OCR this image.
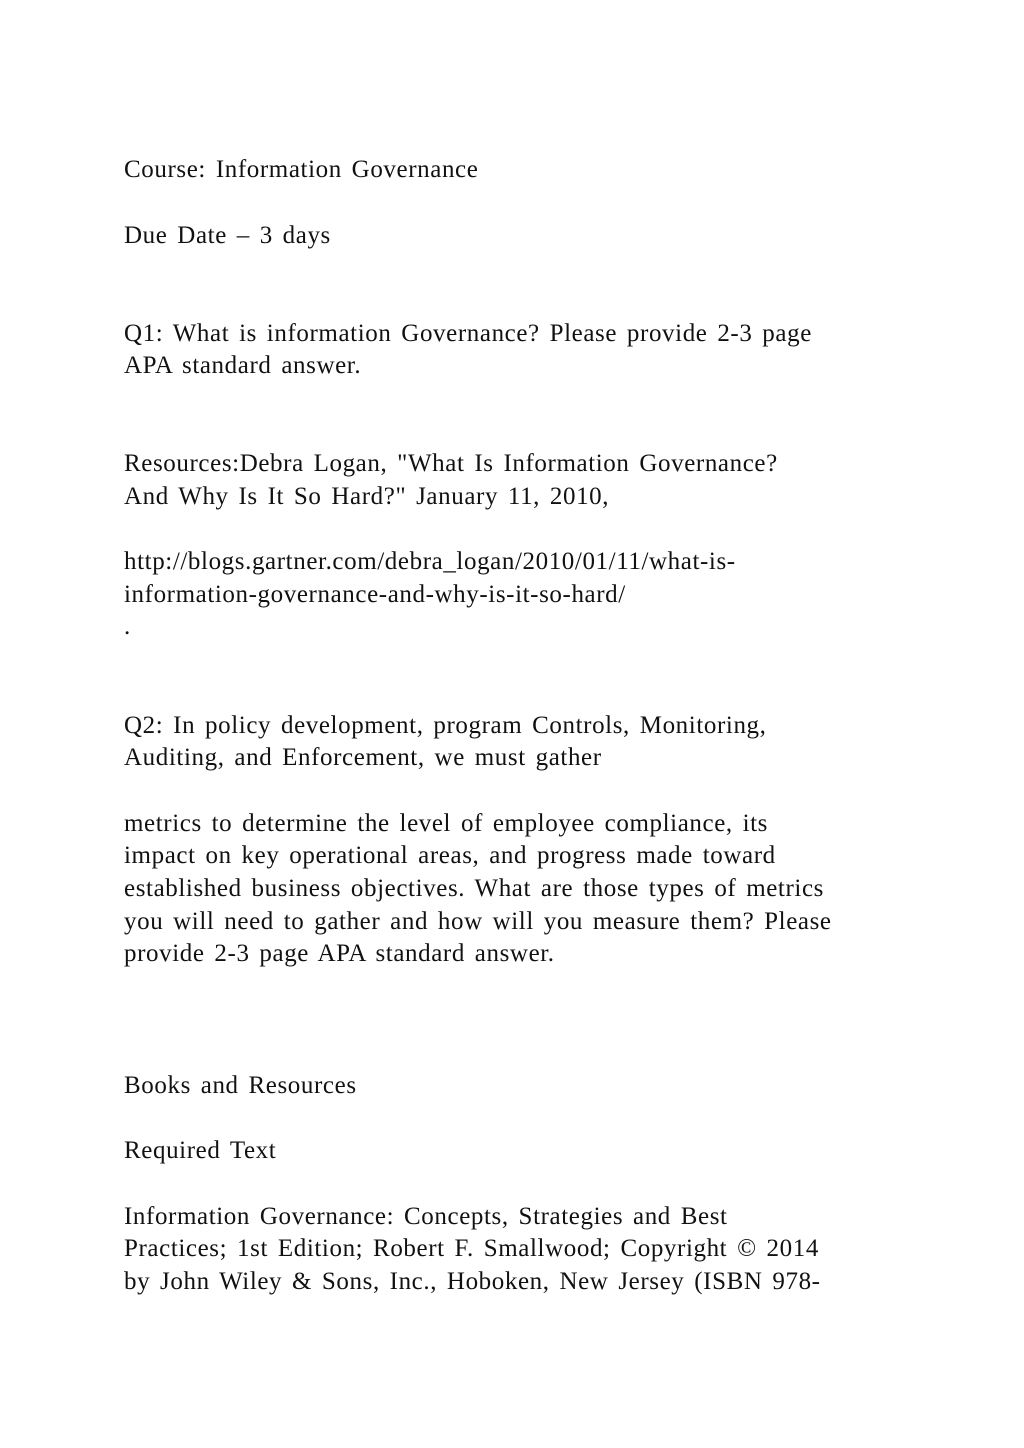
Course: Information Governance
Due Date – 3 days
Q1: What is information Governance? Please provide 2-3 page
APA standard answer.
Resources:Debra Logan, "What Is Information Governance?
And Why Is It So Hard?" January 11, 2010,
http://blogs.gartner.com/debra_logan/2010/01/11/what-is-
information-governance-and-why-is-it-so-hard/
.
Q2: In policy development, program Controls, Monitoring,
Auditing, and Enforcement, we must gather
metrics to determine the level of employee compliance, its
impact on key operational areas, and progress made toward
established business objectives. What are those types of metrics
you will need to gather and how will you measure them? Please
provide 2-3 page APA standard answer.
Books and Resources
Required Text
Information Governance: Concepts, Strategies and Best
Practices; 1st Edition; Robert F. Smallwood; Copyright © 2014
by John Wiley & Sons, Inc., Hoboken, New Jersey (ISBN 978-
